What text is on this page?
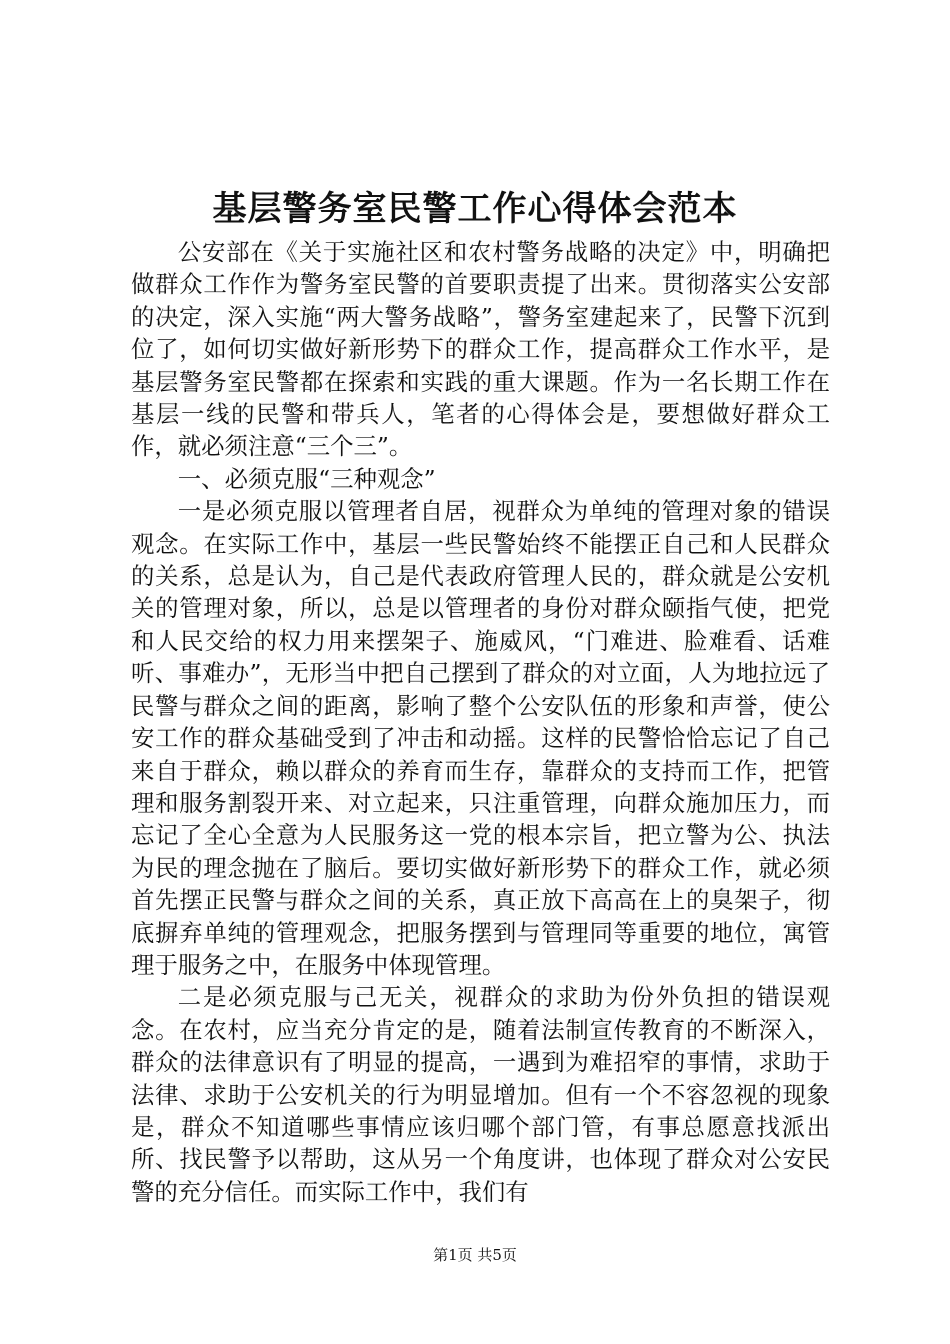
基层警务室民警工作心得体会范本

公安部在《关于实施社区和农村警务战略的决定》中，明确把做群众工作作为警务室民警的首要职责提了出来。贯彻落实公安部的决定，深入实施“两大警务战略”，警务室建起来了，民警下沉到位了，如何切实做好新形势下的群众工作，提高群众工作水平，是基层警务室民警都在探索和实践的重大课题。作为一名长期工作在基层一线的民警和带兵人，笔者的心得体会是，要想做好群众工作，就必须注意“三个三”。

一、必须克服“三种观念”

一是必须克服以管理者自居，视群众为单纯的管理对象的错误观念。在实际工作中，基层一些民警始终不能摆正自己和人民群众的关系，总是认为，自己是代表政府管理人民的，群众就是公安机关的管理对象，所以，总是以管理者的身份对群众颐指气使，把党和人民交给的权力用来摆架子、施威风，“门难进、脸难看、话难听、事难办”，无形当中把自己摆到了群众的对立面，人为地拉远了民警与群众之间的距离，影响了整个公安队伍的形象和声誉，使公安工作的群众基础受到了冲击和动摇。这样的民警恰恰忘记了自己来自于群众，赖以群众的养育而生存，靠群众的支持而工作，把管理和服务割裂开来、对立起来，只注重管理，向群众施加压力，而忘记了全心全意为人民服务这一党的根本宗旨，把立警为公、执法为民的理念抛在了脑后。要切实做好新形势下的群众工作，就必须首先摆正民警与群众之间的关系，真正放下高高在上的臭架子，彻底摒弃单纯的管理观念，把服务摆到与管理同等重要的地位，寓管理于服务之中，在服务中体现管理。

二是必须克服与己无关，视群众的求助为份外负担的错误观念。在农村，应当充分肯定的是，随着法制宣传教育的不断深入，群众的法律意识有了明显的提高，一遇到为难招窄的事情，求助于法律、求助于公安机关的行为明显增加。但有一个不容忽视的现象是，群众不知道哪些事情应该归哪个部门管，有事总愿意找派出所、找民警予以帮助，这从另一个角度讲，也体现了群众对公安民警的充分信任。而实际工作中，我们有

第1页 共5页
